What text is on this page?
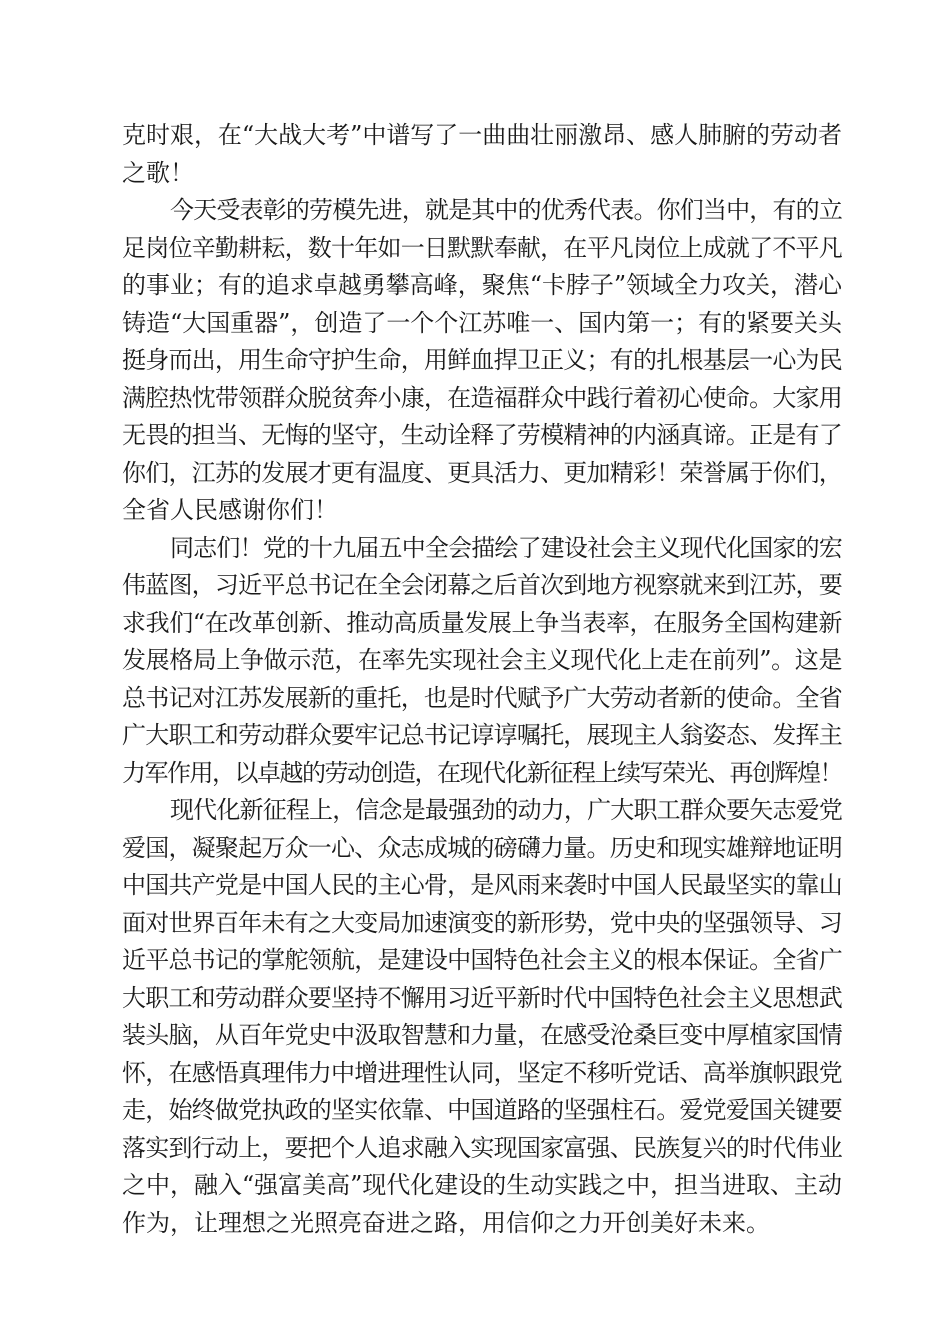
克时艰，在“大战大考”中谱写了一曲曲壮丽激昂、感人肺腑的劳动者
之歌！
今天受表彰的劳模先进，就是其中的优秀代表。你们当中，有的立
足岗位辛勤耕耘，数十年如一日默默奉献，在平凡岗位上成就了不平凡
的事业；有的追求卓越勇攀高峰，聚焦“卡脖子”领域全力攻关，潜心
铸造“大国重器”，创造了一个个江苏唯一、国内第一；有的紧要关头
挺身而出，用生命守护生命，用鲜血捍卫正义；有的扎根基层一心为民
满腔热忱带领群众脱贫奔小康，在造福群众中践行着初心使命。大家用
无畏的担当、无悔的坚守，生动诠释了劳模精神的内涵真谛。正是有了
你们，江苏的发展才更有温度、更具活力、更加精彩！荣誉属于你们，
全省人民感谢你们！
同志们！党的十九届五中全会描绘了建设社会主义现代化国家的宏
伟蓝图，习近平总书记在全会闭幕之后首次到地方视察就来到江苏，要
求我们“在改革创新、推动高质量发展上争当表率，在服务全国构建新
发展格局上争做示范，在率先实现社会主义现代化上走在前列”。这是
总书记对江苏发展新的重托，也是时代赋予广大劳动者新的使命。全省
广大职工和劳动群众要牢记总书记谆谆嘱托，展现主人翁姿态、发挥主
力军作用，以卓越的劳动创造，在现代化新征程上续写荣光、再创辉煌！
现代化新征程上，信念是最强劲的动力，广大职工群众要矢志爱党
爱国，凝聚起万众一心、众志成城的磅礴力量。历史和现实雄辩地证明
中国共产党是中国人民的主心骨，是风雨来袭时中国人民最坚实的靠山
面对世界百年未有之大变局加速演变的新形势，党中央的坚强领导、习
近平总书记的掌舵领航，是建设中国特色社会主义的根本保证。全省广
大职工和劳动群众要坚持不懈用习近平新时代中国特色社会主义思想武
装头脑，从百年党史中汲取智慧和力量，在感受沧桑巨变中厚植家国情
怀，在感悟真理伟力中增进理性认同，坚定不移听党话、高举旗帜跟党
走，始终做党执政的坚实依靠、中国道路的坚强柱石。爱党爱国关键要
落实到行动上，要把个人追求融入实现国家富强、民族复兴的时代伟业
之中，融入“强富美高”现代化建设的生动实践之中，担当进取、主动
作为，让理想之光照亮奋进之路，用信仰之力开创美好未来。
